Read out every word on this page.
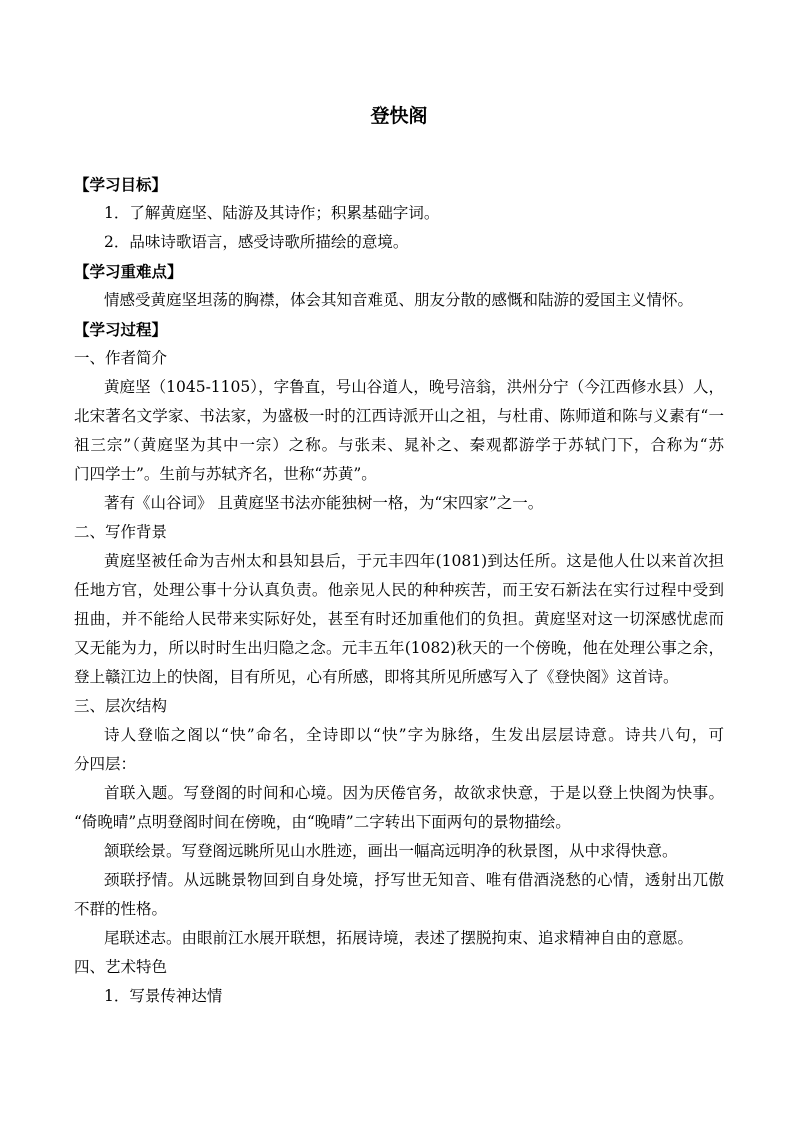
登快阁
【学习目标】
1．了解黄庭坚、陆游及其诗作；积累基础字词。
2．品味诗歌语言，感受诗歌所描绘的意境。
【学习重难点】
情感受黄庭坚坦荡的胸襟，体会其知音难觅、朋友分散的感慨和陆游的爱国主义情怀。
【学习过程】
一、作者简介
黄庭坚（1045-1105），字鲁直，号山谷道人，晚号涪翁，洪州分宁（今江西修水县）人，
北宋著名文学家、书法家，为盛极一时的江西诗派开山之祖，与杜甫、陈师道和陈与义素有“一
祖三宗”（黄庭坚为其中一宗）之称。与张耒、晁补之、秦观都游学于苏轼门下，合称为“苏
门四学士”。生前与苏轼齐名，世称“苏黄”。
著有《山谷词》 且黄庭坚书法亦能独树一格，为“宋四家”之一。
二、写作背景
黄庭坚被任命为吉州太和县知县后，于元丰四年(1081)到达任所。这是他人仕以来首次担
任地方官，处理公事十分认真负责。他亲见人民的种种疾苦，而王安石新法在实行过程中受到
扭曲，并不能给人民带来实际好处，甚至有时还加重他们的负担。黄庭坚对这一切深感忧虑而
又无能为力，所以时时生出归隐之念。元丰五年(1082)秋天的一个傍晚，他在处理公事之余，
登上赣江边上的快阁，目有所见，心有所感，即将其所见所感写入了《登快阁》这首诗。
三、层次结构
诗人登临之阁以“快”命名，全诗即以“快”字为脉络，生发出层层诗意。诗共八句，可
分四层：
首联入题。写登阁的时间和心境。因为厌倦官务，故欲求快意，于是以登上快阁为快事。
“倚晚晴”点明登阁时间在傍晚，由“晚晴”二字转出下面两句的景物描绘。
颔联绘景。写登阁远眺所见山水胜迹，画出一幅高远明净的秋景图，从中求得快意。
颈联抒情。从远眺景物回到自身处境，抒写世无知音、唯有借酒浇愁的心情，透射出兀傲
不群的性格。
尾联述志。由眼前江水展开联想，拓展诗境，表述了摆脱拘束、追求精神自由的意愿。
四、艺术特色
1．写景传神达情
